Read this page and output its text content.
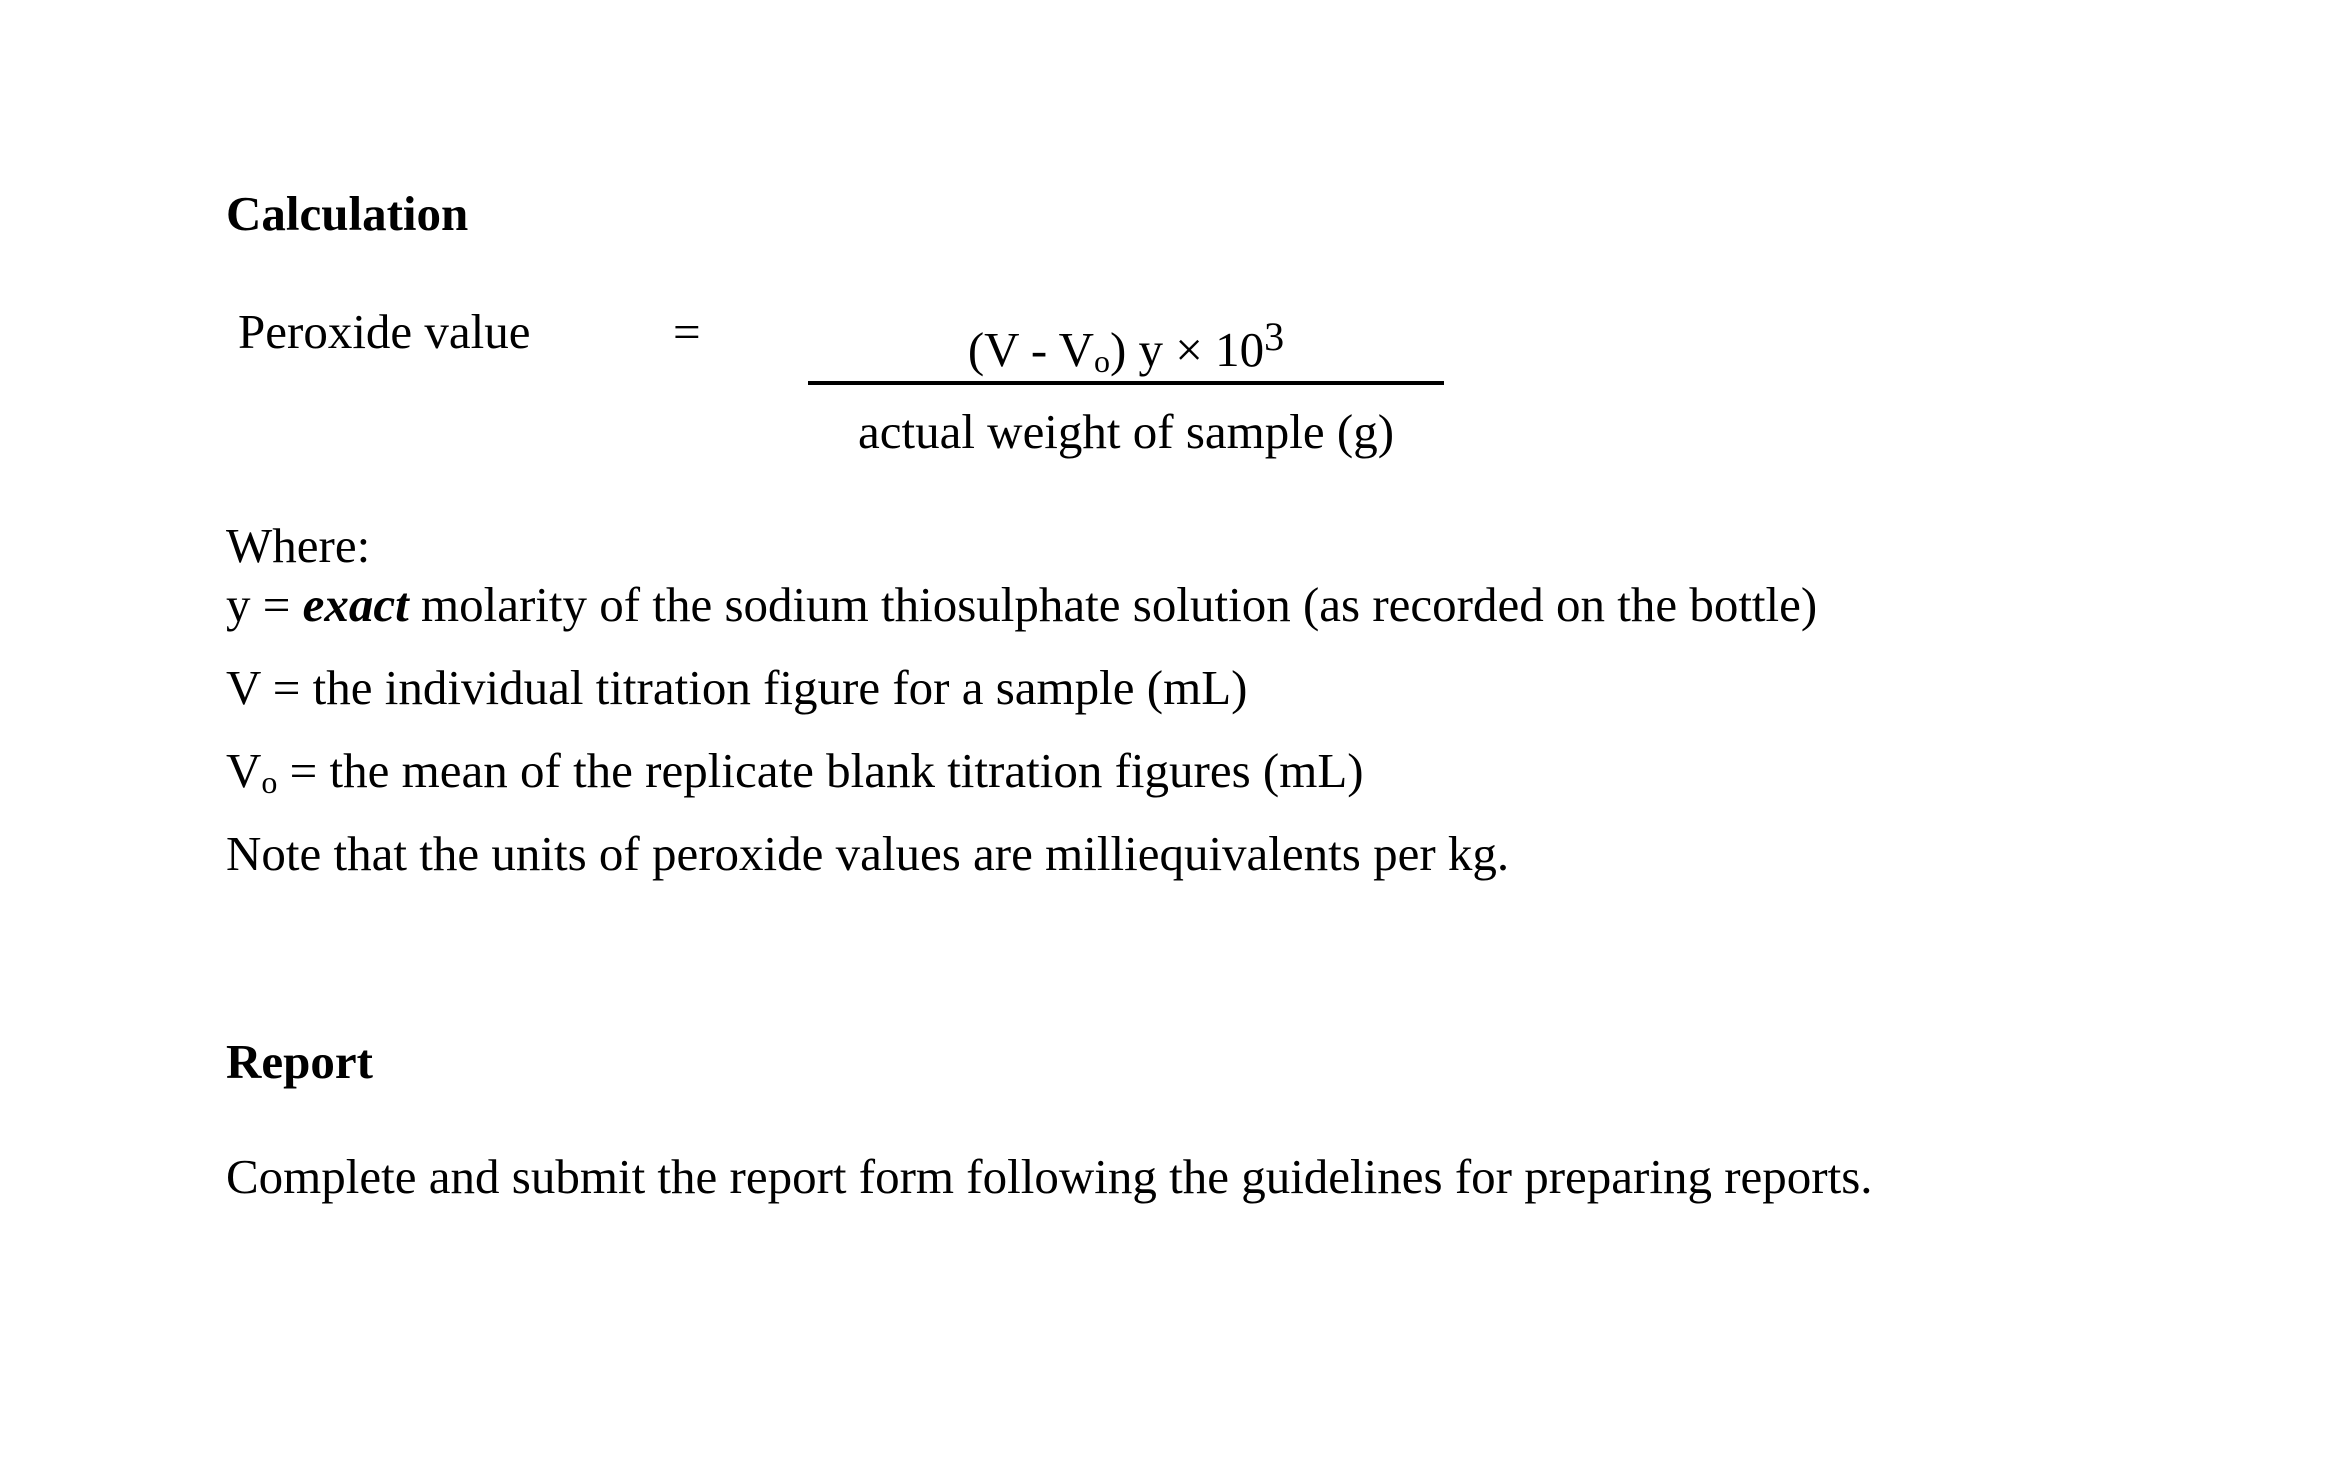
Calculation
Peroxide value	=	(V - Vo) $y \times 10^3$
actual weight of sample (g)
Where:
y = exact molarity of the sodium thiosulphate solution (as recorded on the bottle)
V = the individual titration figure for a sample (mL)
Vo = the mean of the replicate blank titration figures (mL)
Note that the units of peroxide values are milliequivalents per kg.
Report
Complete and submit the report form following the guidelines for preparing reports.
